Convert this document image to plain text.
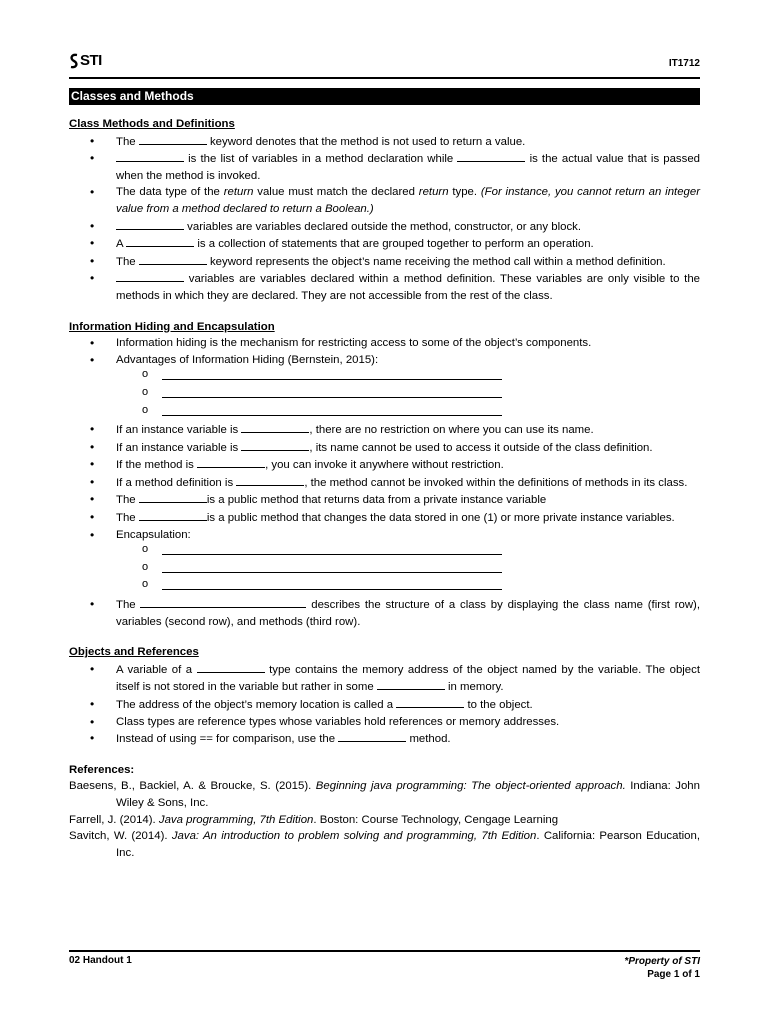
STI	IT1712
Classes and Methods
Class Methods and Definitions
• The	keyword denotes that the method is not used to return a value.
• is the list of variables in a method declaration while	is the actual value that is passed when the method is invoked.
• The data type of the return value must match the declared return type. (For instance, you cannot return an integer value from a method declared to return a Boolean.)
• variables are variables declared outside the method, constructor, or any block.
• A	is a collection of statements that are grouped together to perform an operation.
• The	keyword represents the object’s name receiving the method call within a method definition.
• variables are variables declared within a method definition. These variables are only visible to the methods in which they are declared. They are not accessible from the rest of the class.
Information Hiding and Encapsulation
• Information hiding is the mechanism for restricting access to some of the object’s components.
• Advantages of Information Hiding (Bernstein, 2015):
o
o
o
• If an instance variable is	, there are no restriction on where you can use its name.
• If an instance variable is	, its name cannot be used to access it outside of the class definition.
• If the method is	, you can invoke it anywhere without restriction.
• If a method definition is	, the method cannot be invoked within the definitions of methods in its class.
• The	is a public method that returns data from a private instance variable
• The	is a public method that changes the data stored in one (1) or more private instance variables.
• Encapsulation:
o
o
o
• The	describes the structure of a class by displaying the class name (first row), variables (second row), and methods (third row).
Objects and References
• A variable of a	type contains the memory address of the object named by the variable. The object itself is not stored in the variable but rather in some	in memory.
• The address of the object’s memory location is called a	to the object.
• Class types are reference types whose variables hold references or memory addresses.
• Instead of using == for comparison, use the	method.
References:
Baesens, B., Backiel, A. & Broucke, S. (2015). Beginning java programming: The object-oriented approach. Indiana: John Wiley & Sons, Inc.
Farrell, J. (2014). Java programming, 7th Edition. Boston: Course Technology, Cengage Learning
Savitch, W. (2014). Java: An introduction to problem solving and programming, 7th Edition. California: Pearson Education, Inc.
02 Handout 1	*Property of STI
Page 1 of 1
